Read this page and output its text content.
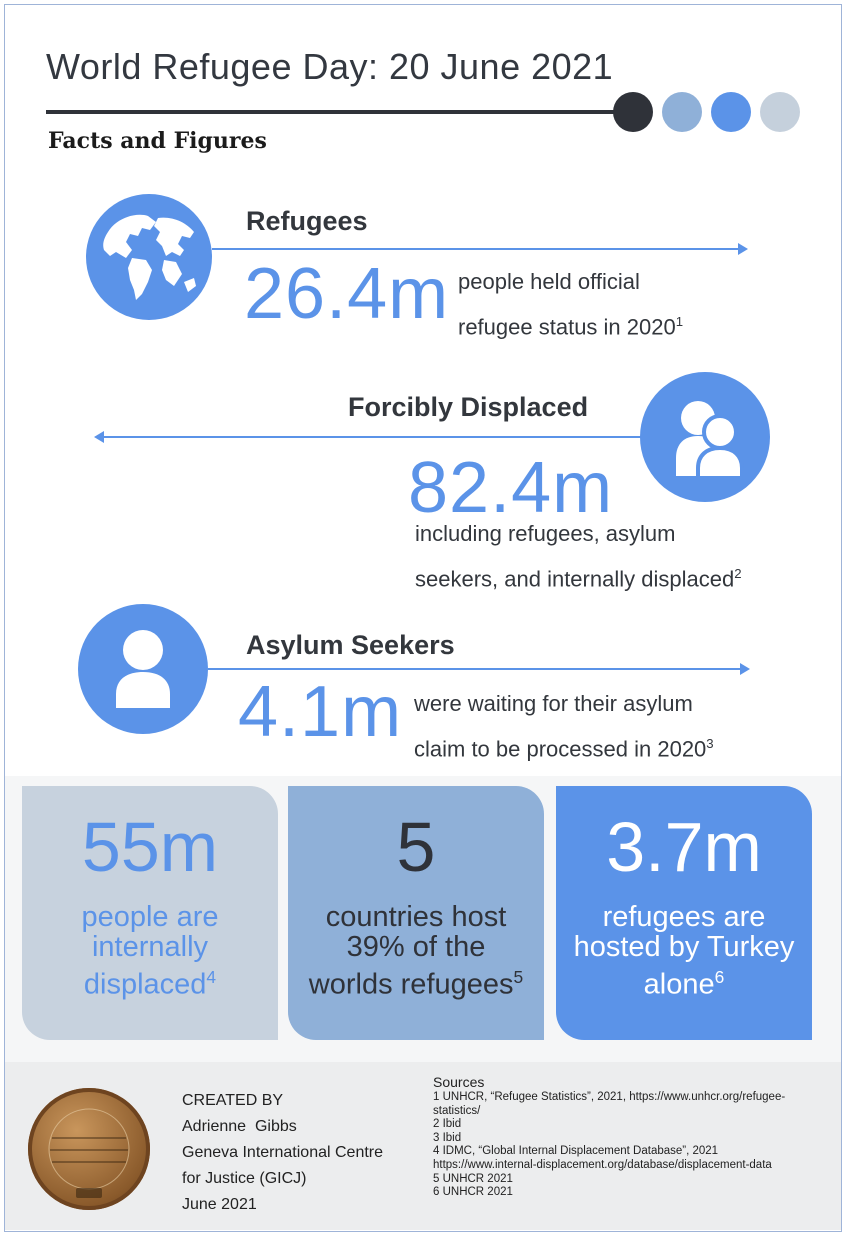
World Refugee Day: 20 June 2021
Facts and Figures
Refugees
26.4m people held official
refugee status in 2020$^1$
Forcibly Displaced
82.4m
including refugees, asylum
seekers, and internally displaced$^2$
Asylum Seekers
4.1m were waiting for their asylum
claim to be processed in 2020$^3$
55m
people are
internally
displaced$^4$
5
countries host
39% of the
worlds refugees$^5$
3.7m
refugees are
hosted by Turkey
alone$^6$
CREATED BY
Adrienne  Gibbs
Geneva International Centre
for Justice (GICJ)
June 2021
Sources
1 UNHCR, “Refugee Statistics”, 2021, https://www.unhcr.org/refugee-
statistics/
2 Ibid
3 Ibid
4 IDMC, “Global Internal Displacement Database”, 2021
https://www.internal-displacement.org/database/displacement-data
5 UNHCR 2021
6 UNHCR 2021
